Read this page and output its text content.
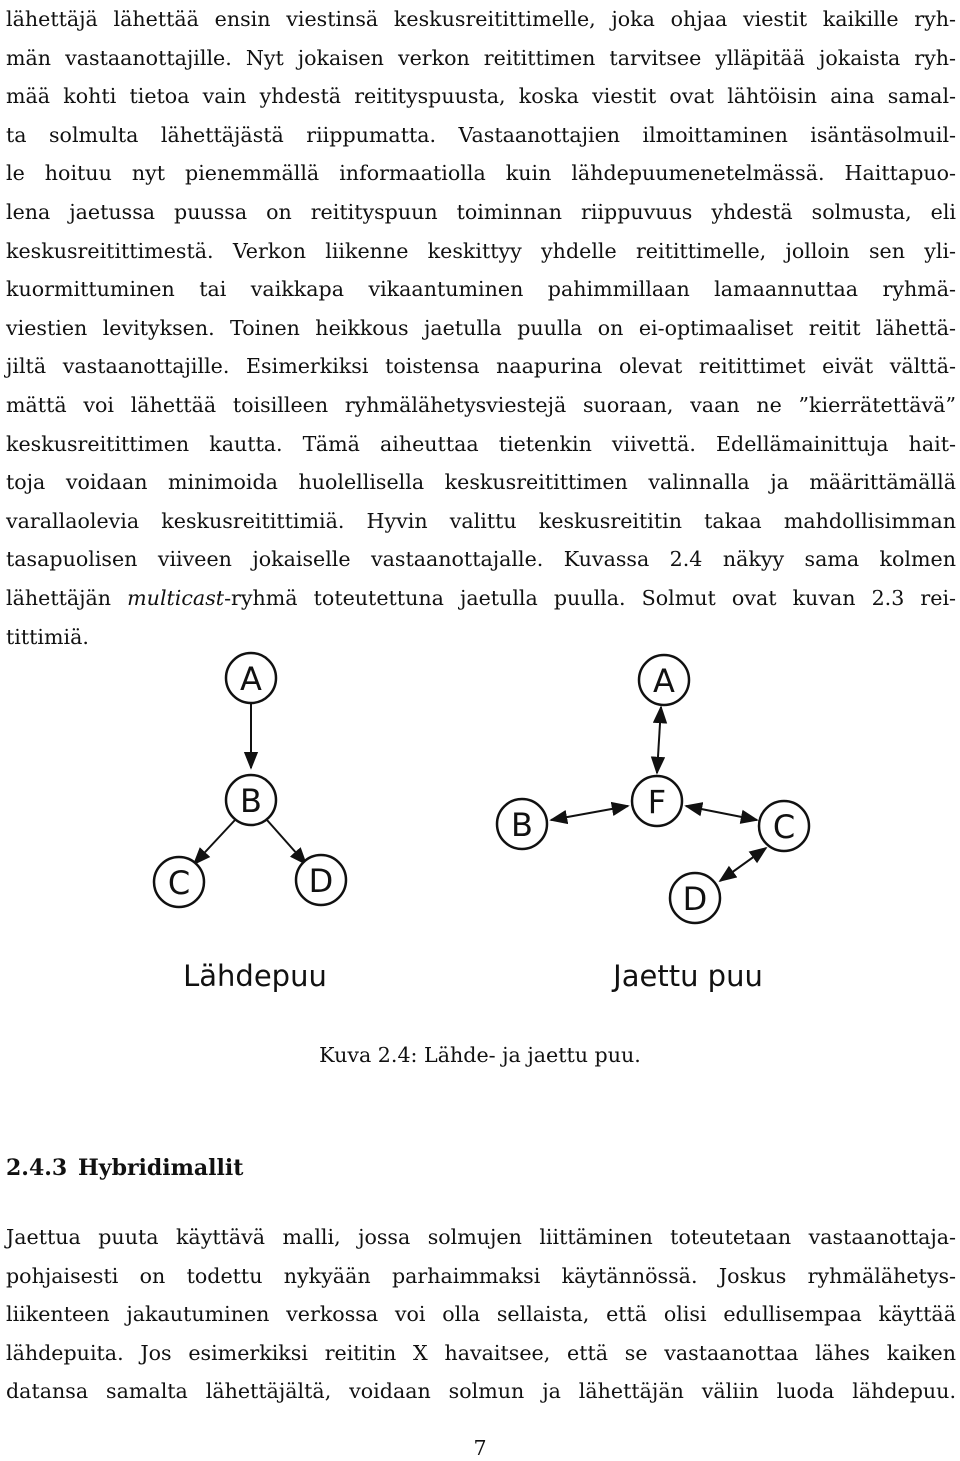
lähettäjä lähettää ensin viestinsä keskusreitittimelle, joka ohjaa viestit kaikille ryh-
män vastaanottajille. Nyt jokaisen verkon reitittimen tarvitsee ylläpitää jokaista ryh-
mää kohti tietoa vain yhdestä reitityspuusta, koska viestit ovat lähtöisin aina samal-
ta solmulta lähettäjästä riippumatta. Vastaanottajien ilmoittaminen isäntäsolmuil-
le hoituu nyt pienemmällä informaatiolla kuin lähdepuumenetelmässä. Haittapuo-
lena jaetussa puussa on reitityspuun toiminnan riippuvuus yhdestä solmusta, eli
keskusreitittimestä. Verkon liikenne keskittyy yhdelle reitittimelle, jolloin sen yli-
kuormittuminen tai vaikkapa vikaantuminen pahimmillaan lamaannuttaa ryhmä-
viestien levityksen. Toinen heikkous jaetulla puulla on ei-optimaaliset reitit lähettä-
jiltä vastaanottajille. Esimerkiksi toistensa naapurina olevat reitittimet eivät välttä-
mättä voi lähettää toisilleen ryhmälähetysviestejä suoraan, vaan ne ”kierrätettävä”
keskusreitittimen kautta. Tämä aiheuttaa tietenkin viivettä. Edellämainittuja hait-
toja voidaan minimoida huolellisella keskusreitittimen valinnalla ja määrittämällä
varallaolevia keskusreitittimiä. Hyvin valittu keskusreititin takaa mahdollisimman
tasapuolisen viiveen jokaiselle vastaanottajalle. Kuvassa 2.4 näkyy sama kolmen
lähettäjän multicast-ryhmä toteutettuna jaetulla puulla. Solmut ovat kuvan 2.3 rei-
tittimiä.
A
B
C	D
Lähdepuu
A
F
B	C
D
Jaettu puu
Kuva 2.4: Lähde- ja jaettu puu.
2.4.3 Hybridimallit
Jaettua puuta käyttävä malli, jossa solmujen liittäminen toteutetaan vastaanottaja-
pohjaisesti on todettu nykyään parhaimmaksi käytännössä. Joskus ryhmälähetys-
liikenteen jakautuminen verkossa voi olla sellaista, että olisi edullisempaa käyttää
lähdepuita. Jos esimerkiksi reititin X havaitsee, että se vastaanottaa lähes kaiken
datansa samalta lähettäjältä, voidaan solmun ja lähettäjän väliin luoda lähdepuu.
7
